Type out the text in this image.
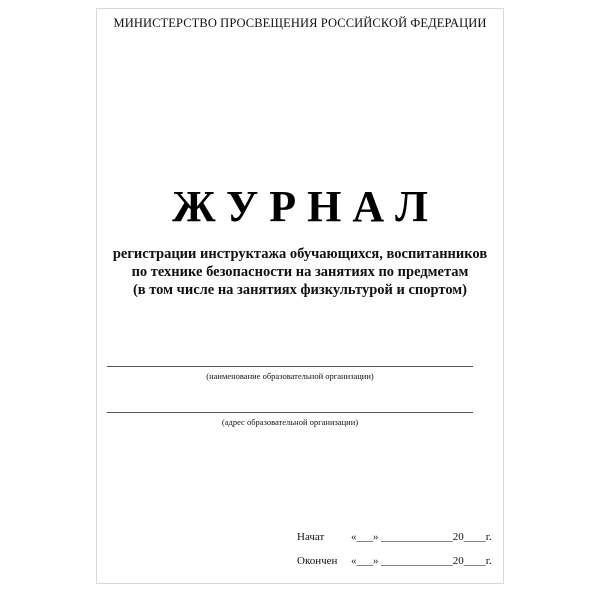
МИНИСТЕРСТВО ПРОСВЕЩЕНИЯ РОССИЙСКОЙ ФЕДЕРАЦИИ
ЖУРНАЛ
регистрации инструктажа обучающихся, воспитанников
по технике безопасности на занятиях по предметам
(в том числе на занятиях физкультурой и спортом)
(наименование образовательной организации)
(адрес образовательной организации)
Начат «___» _____________20____г.
Окончен «___» _____________20____г.
